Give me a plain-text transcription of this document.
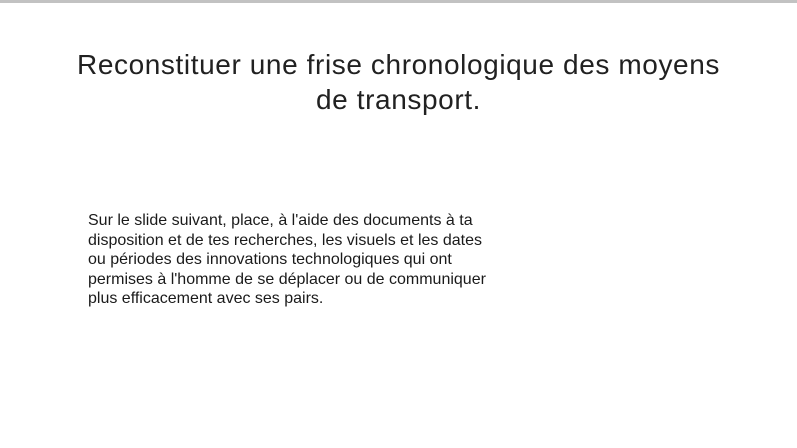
Reconstituer une frise chronologique des moyens
de transport.
Sur le slide suivant, place, à l'aide des documents à ta
disposition et de tes recherches, les visuels et les dates
ou périodes des innovations technologiques qui ont
permises à l'homme de se déplacer ou de communiquer
plus efficacement avec ses pairs.
